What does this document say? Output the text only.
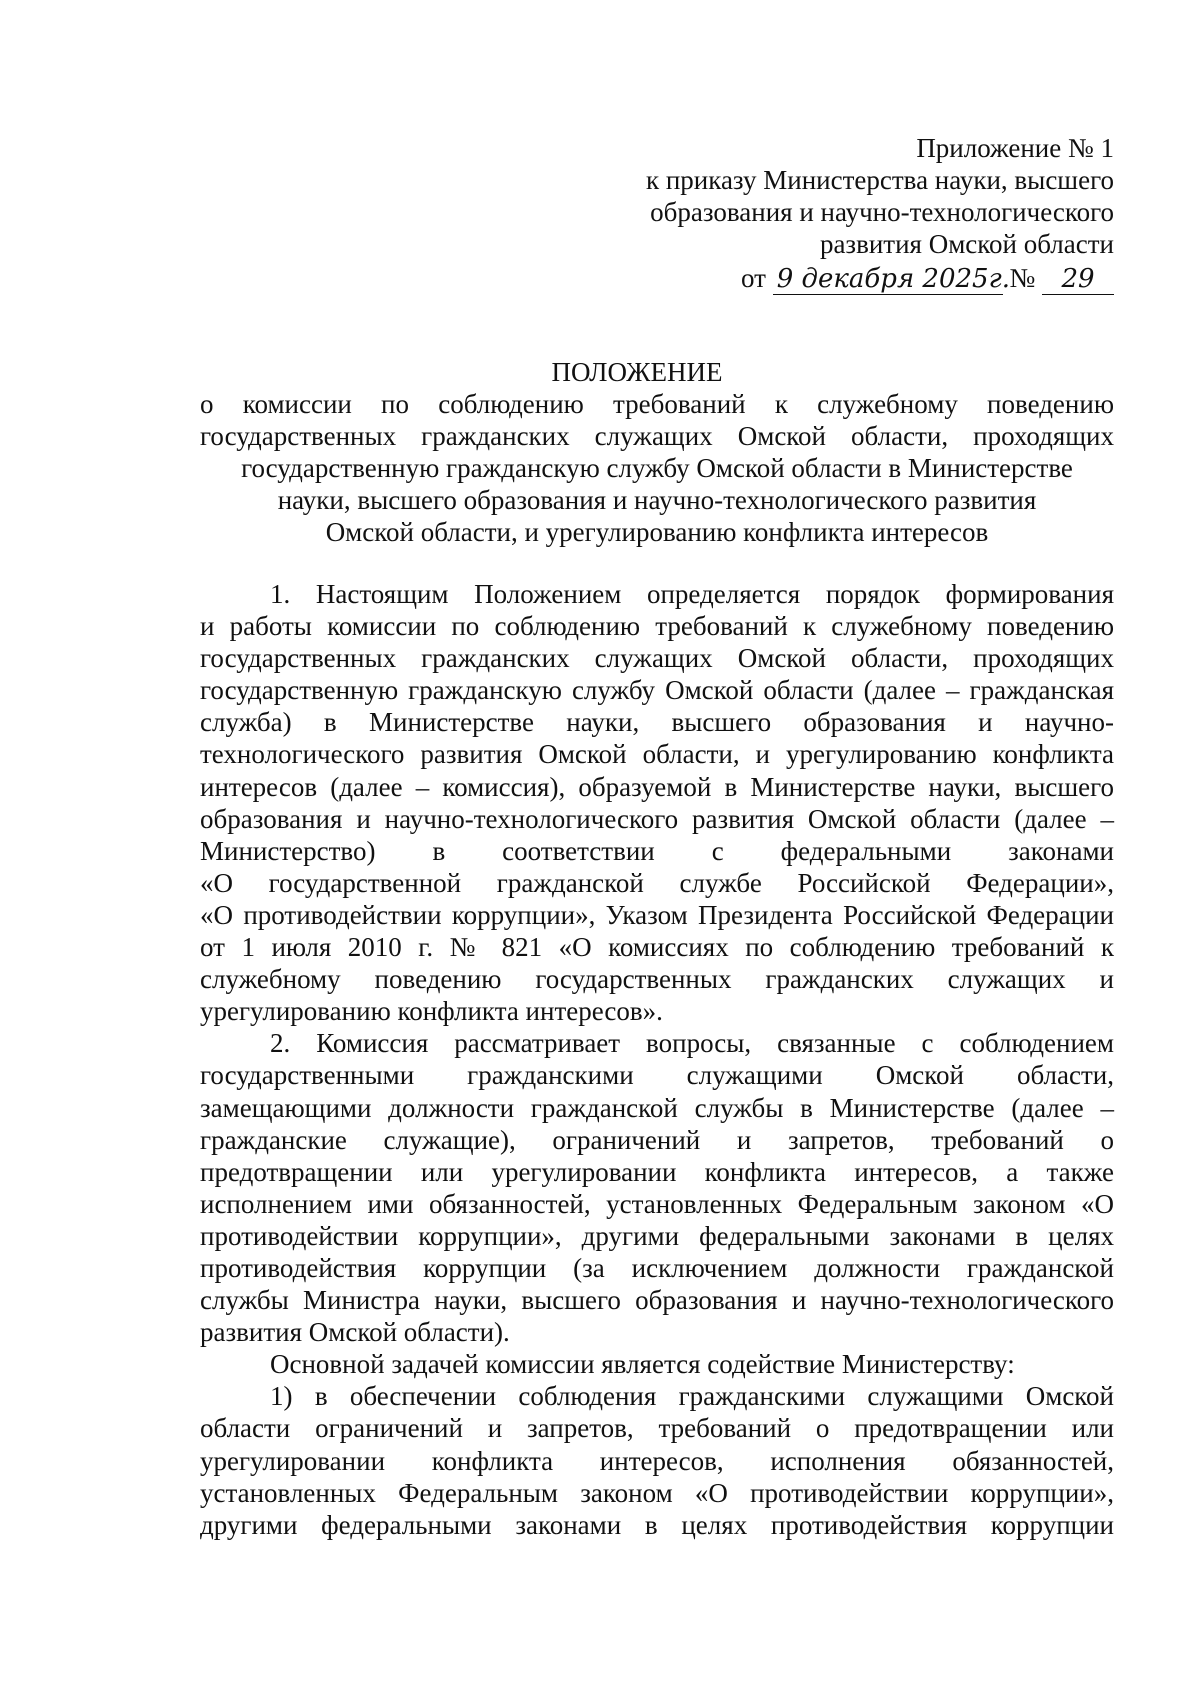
Приложение № 1
к приказу Министерства науки, высшего
образования и научно-технологического
развития Омской области
от 9 декабря 2025г. № 29
ПОЛОЖЕНИЕ
о комиссии по соблюдению требований к служебному поведению
государственных гражданских служащих Омской области, проходящих
государственную гражданскую службу Омской области в Министерстве
науки, высшего образования и научно-технологического развития
Омской области, и урегулированию конфликта интересов
1. Настоящим Положением определяется порядок формирования
и работы комиссии по соблюдению требований к служебному поведению
государственных гражданских служащих Омской области, проходящих
государственную гражданскую службу Омской области (далее – гражданская
служба) в Министерстве науки, высшего образования и научно-
технологического развития Омской области, и урегулированию конфликта
интересов (далее – комиссия), образуемой в Министерстве науки, высшего
образования и научно-технологического развития Омской области (далее –
Министерство) в соответствии с федеральными законами
«О государственной гражданской службе Российской Федерации»,
«О противодействии коррупции», Указом Президента Российской Федерации
от 1 июля 2010 г. № 821 «О комиссиях по соблюдению требований к
служебному поведению государственных гражданских служащих и
урегулированию конфликта интересов».
2. Комиссия рассматривает вопросы, связанные с соблюдением
государственными гражданскими служащими Омской области,
замещающими должности гражданской службы в Министерстве (далее –
гражданские служащие), ограничений и запретов, требований о
предотвращении или урегулировании конфликта интересов, а также
исполнением ими обязанностей, установленных Федеральным законом «О
противодействии коррупции», другими федеральными законами в целях
противодействия коррупции (за исключением должности гражданской
службы Министра науки, высшего образования и научно-технологического
развития Омской области).
Основной задачей комиссии является содействие Министерству:
1) в обеспечении соблюдения гражданскими служащими Омской
области ограничений и запретов, требований о предотвращении или
урегулировании конфликта интересов, исполнения обязанностей,
установленных Федеральным законом «О противодействии коррупции»,
другими федеральными законами в целях противодействия коррупции
